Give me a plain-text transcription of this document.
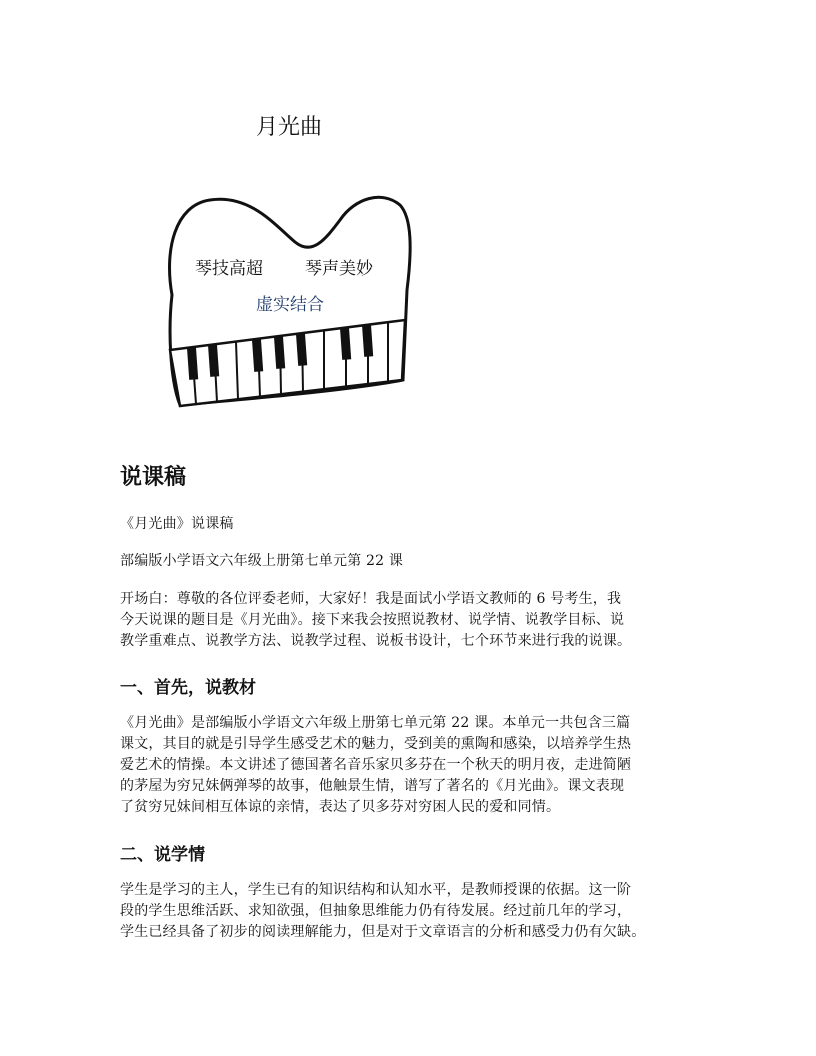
月光曲
琴技高超 琴声美妙
虚实结合
说课稿
《月光曲》说课稿
部编版小学语文六年级上册第七单元第 22 课
开场白：尊敬的各位评委老师，大家好！我是面试小学语文教师的 6 号考生，我
今天说课的题目是《月光曲》。接下来我会按照说教材、说学情、说教学目标、说
教学重难点、说教学方法、说教学过程、说板书设计，七个环节来进行我的说课。
一、首先，说教材
《月光曲》是部编版小学语文六年级上册第七单元第 22 课。本单元一共包含三篇
课文，其目的就是引导学生感受艺术的魅力，受到美的熏陶和感染，以培养学生热
爱艺术的情操。本文讲述了德国著名音乐家贝多芬在一个秋天的明月夜，走进简陋
的茅屋为穷兄妹俩弹琴的故事，他触景生情，谱写了著名的《月光曲》。课文表现
了贫穷兄妹间相互体谅的亲情，表达了贝多芬对穷困人民的爱和同情。
二、说学情
学生是学习的主人，学生已有的知识结构和认知水平，是教师授课的依据。这一阶
段的学生思维活跃、求知欲强，但抽象思维能力仍有待发展。经过前几年的学习，
学生已经具备了初步的阅读理解能力，但是对于文章语言的分析和感受力仍有欠缺。
